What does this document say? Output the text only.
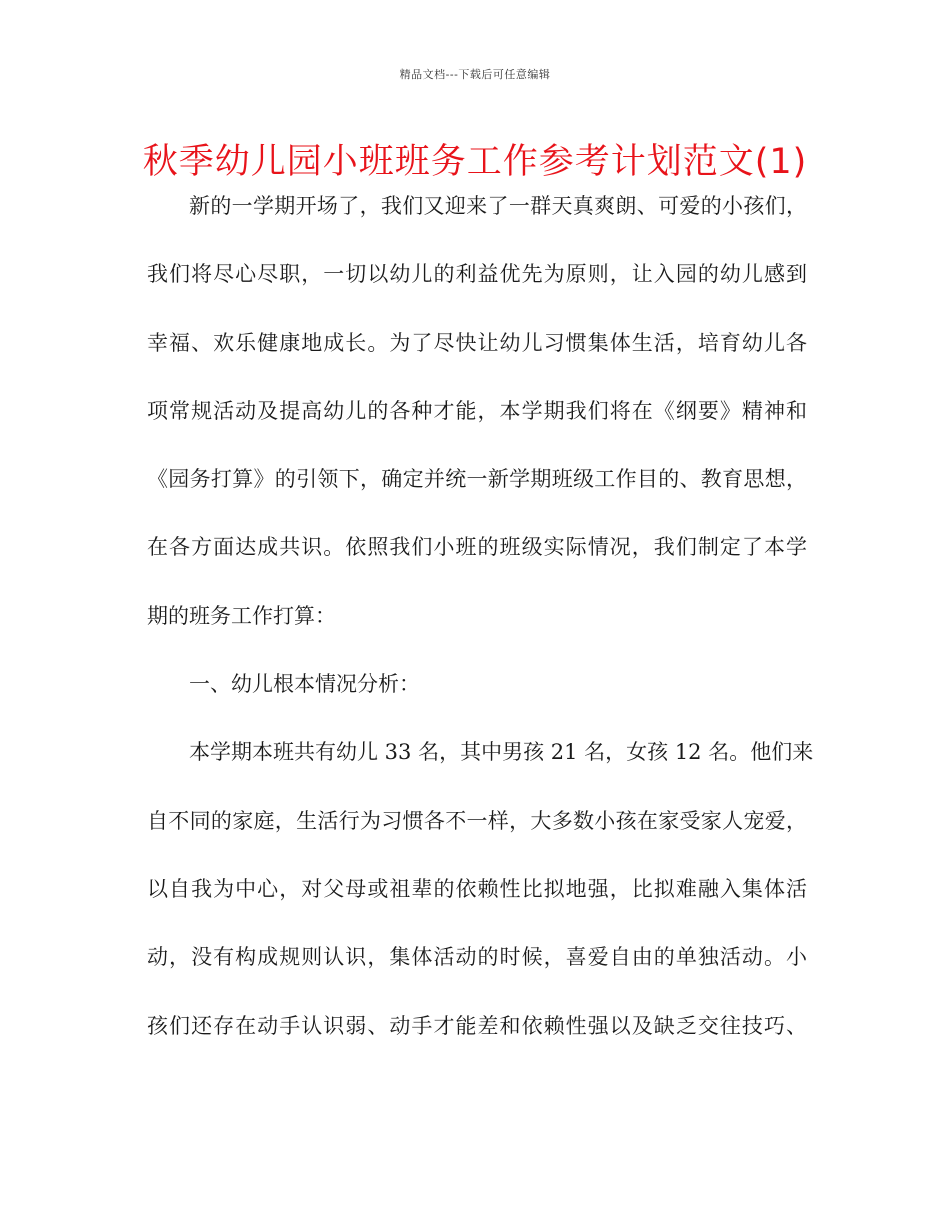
精品文档---下载后可任意编辑
秋季幼儿园小班班务工作参考计划范文(1)
新的一学期开场了，我们又迎来了一群天真爽朗、可爱的小孩们，
我们将尽心尽职，一切以幼儿的利益优先为原则，让入园的幼儿感到
幸福、欢乐健康地成长。为了尽快让幼儿习惯集体生活，培育幼儿各
项常规活动及提高幼儿的各种才能，本学期我们将在《纲要》精神和
《园务打算》的引领下，确定并统一新学期班级工作目的、教育思想，
在各方面达成共识。依照我们小班的班级实际情况，我们制定了本学
期的班务工作打算：
一、幼儿根本情况分析：
本学期本班共有幼儿 33 名，其中男孩 21 名，女孩 12 名。他们来
自不同的家庭，生活行为习惯各不一样，大多数小孩在家受家人宠爱，
以自我为中心，对父母或祖辈的依赖性比拟地强，比拟难融入集体活
动，没有构成规则认识，集体活动的时候，喜爱自由的单独活动。小
孩们还存在动手认识弱、动手才能差和依赖性强以及缺乏交往技巧、
